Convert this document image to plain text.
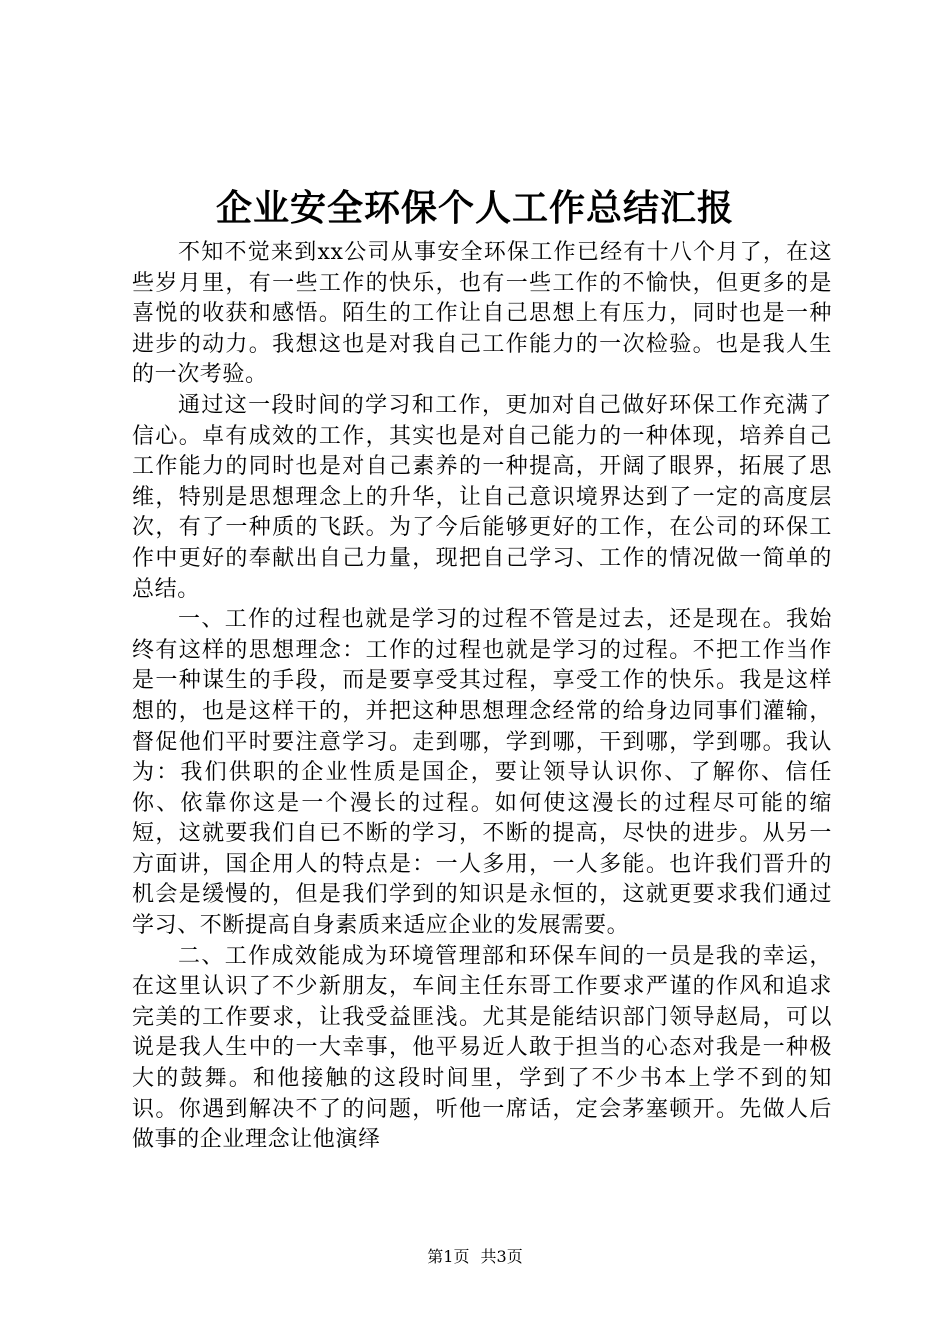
企业安全环保个人工作总结汇报

不知不觉来到xx公司从事安全环保工作已经有十八个月了，在这些岁月里，有一些工作的快乐，也有一些工作的不愉快，但更多的是喜悦的收获和感悟。陌生的工作让自己思想上有压力，同时也是一种进步的动力。我想这也是对我自己工作能力的一次检验。也是我人生的一次考验。

通过这一段时间的学习和工作，更加对自己做好环保工作充满了信心。卓有成效的工作，其实也是对自己能力的一种体现，培养自己工作能力的同时也是对自己素养的一种提高，开阔了眼界，拓展了思维，特别是思想理念上的升华，让自己意识境界达到了一定的高度层次，有了一种质的飞跃。为了今后能够更好的工作，在公司的环保工作中更好的奉献出自己力量，现把自己学习、工作的情况做一简单的总结。

一、工作的过程也就是学习的过程不管是过去，还是现在。我始终有这样的思想理念：工作的过程也就是学习的过程。不把工作当作是一种谋生的手段，而是要享受其过程，享受工作的快乐。我是这样想的，也是这样干的，并把这种思想理念经常的给身边同事们灌输，督促他们平时要注意学习。走到哪，学到哪，干到哪，学到哪。我认为：我们供职的企业性质是国企，要让领导认识你、了解你、信任你、依靠你这是一个漫长的过程。如何使这漫长的过程尽可能的缩短，这就要我们自已不断的学习，不断的提高，尽快的进步。从另一方面讲，国企用人的特点是：一人多用，一人多能。也许我们晋升的机会是缓慢的，但是我们学到的知识是永恒的，这就更要求我们通过学习、不断提高自身素质来适应企业的发展需要。

二、工作成效能成为环境管理部和环保车间的一员是我的幸运，在这里认识了不少新朋友，车间主任东哥工作要求严谨的作风和追求完美的工作要求，让我受益匪浅。尤其是能结识部门领导赵局，可以说是我人生中的一大幸事，他平易近人敢于担当的心态对我是一种极大的鼓舞。和他接触的这段时间里，学到了不少书本上学不到的知识。你遇到解决不了的问题，听他一席话，定会茅塞顿开。先做人后做事的企业理念让他演绎

第1页 共3页
